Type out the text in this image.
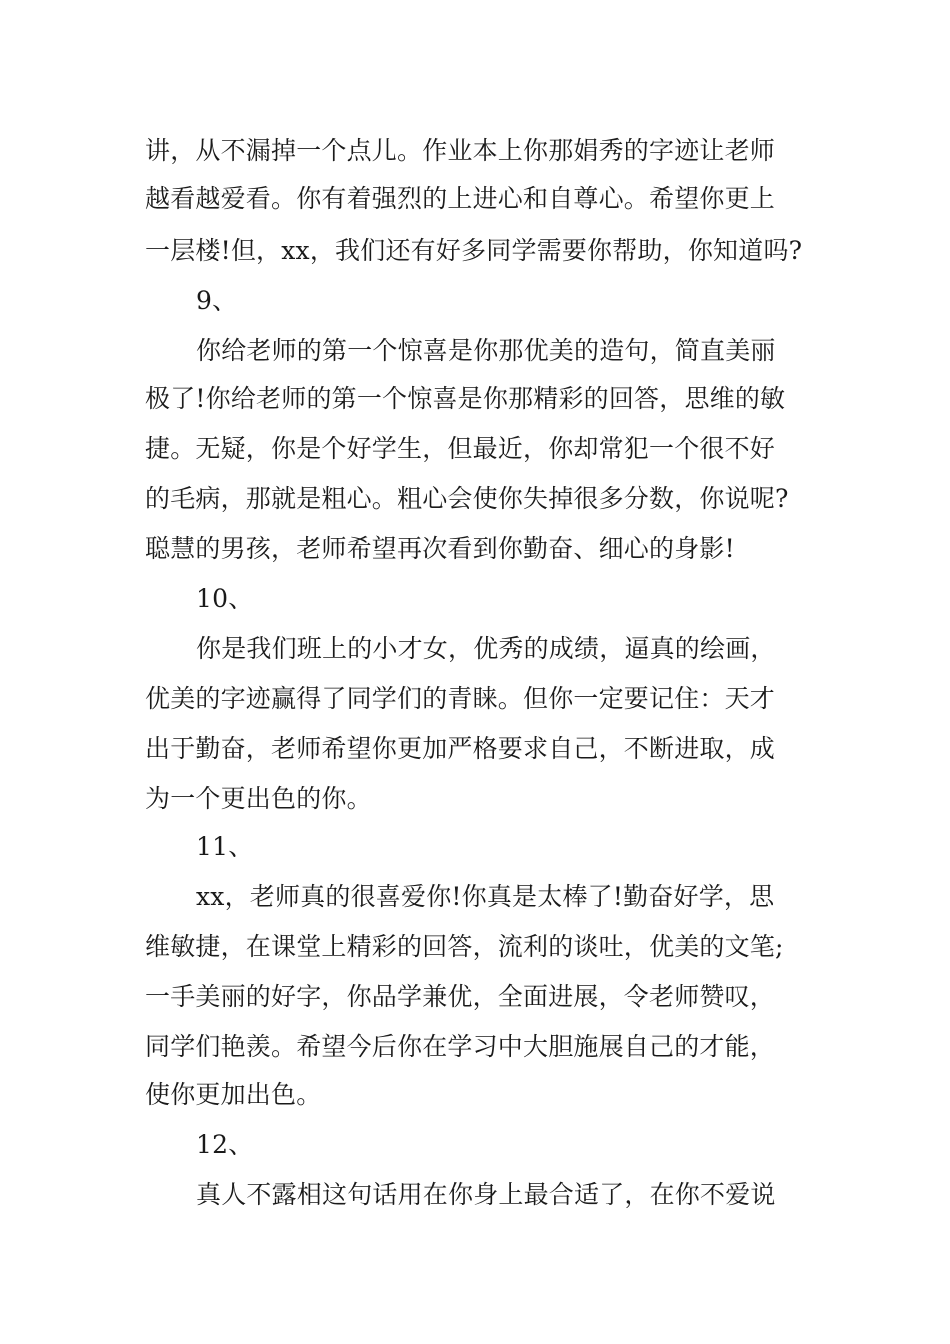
讲，从不漏掉一个点儿。作业本上你那娟秀的字迹让老师
越看越爱看。你有着强烈的上进心和自尊心。希望你更上
一层楼!但，xx，我们还有好多同学需要你帮助，你知道吗?
9、
你给老师的第一个惊喜是你那优美的造句，简直美丽
极了!你给老师的第一个惊喜是你那精彩的回答，思维的敏
捷。无疑，你是个好学生，但最近，你却常犯一个很不好
的毛病，那就是粗心。粗心会使你失掉很多分数，你说呢?
聪慧的男孩，老师希望再次看到你勤奋、细心的身影!
10、
你是我们班上的小才女，优秀的成绩，逼真的绘画，
优美的字迹赢得了同学们的青睐。但你一定要记住：天才
出于勤奋，老师希望你更加严格要求自己，不断进取，成
为一个更出色的你。
11、
xx，老师真的很喜爱你!你真是太棒了!勤奋好学，思
维敏捷，在课堂上精彩的回答，流利的谈吐，优美的文笔;
一手美丽的好字，你品学兼优，全面进展，令老师赞叹，
同学们艳羡。希望今后你在学习中大胆施展自己的才能，
使你更加出色。
12、
真人不露相这句话用在你身上最合适了，在你不爱说
